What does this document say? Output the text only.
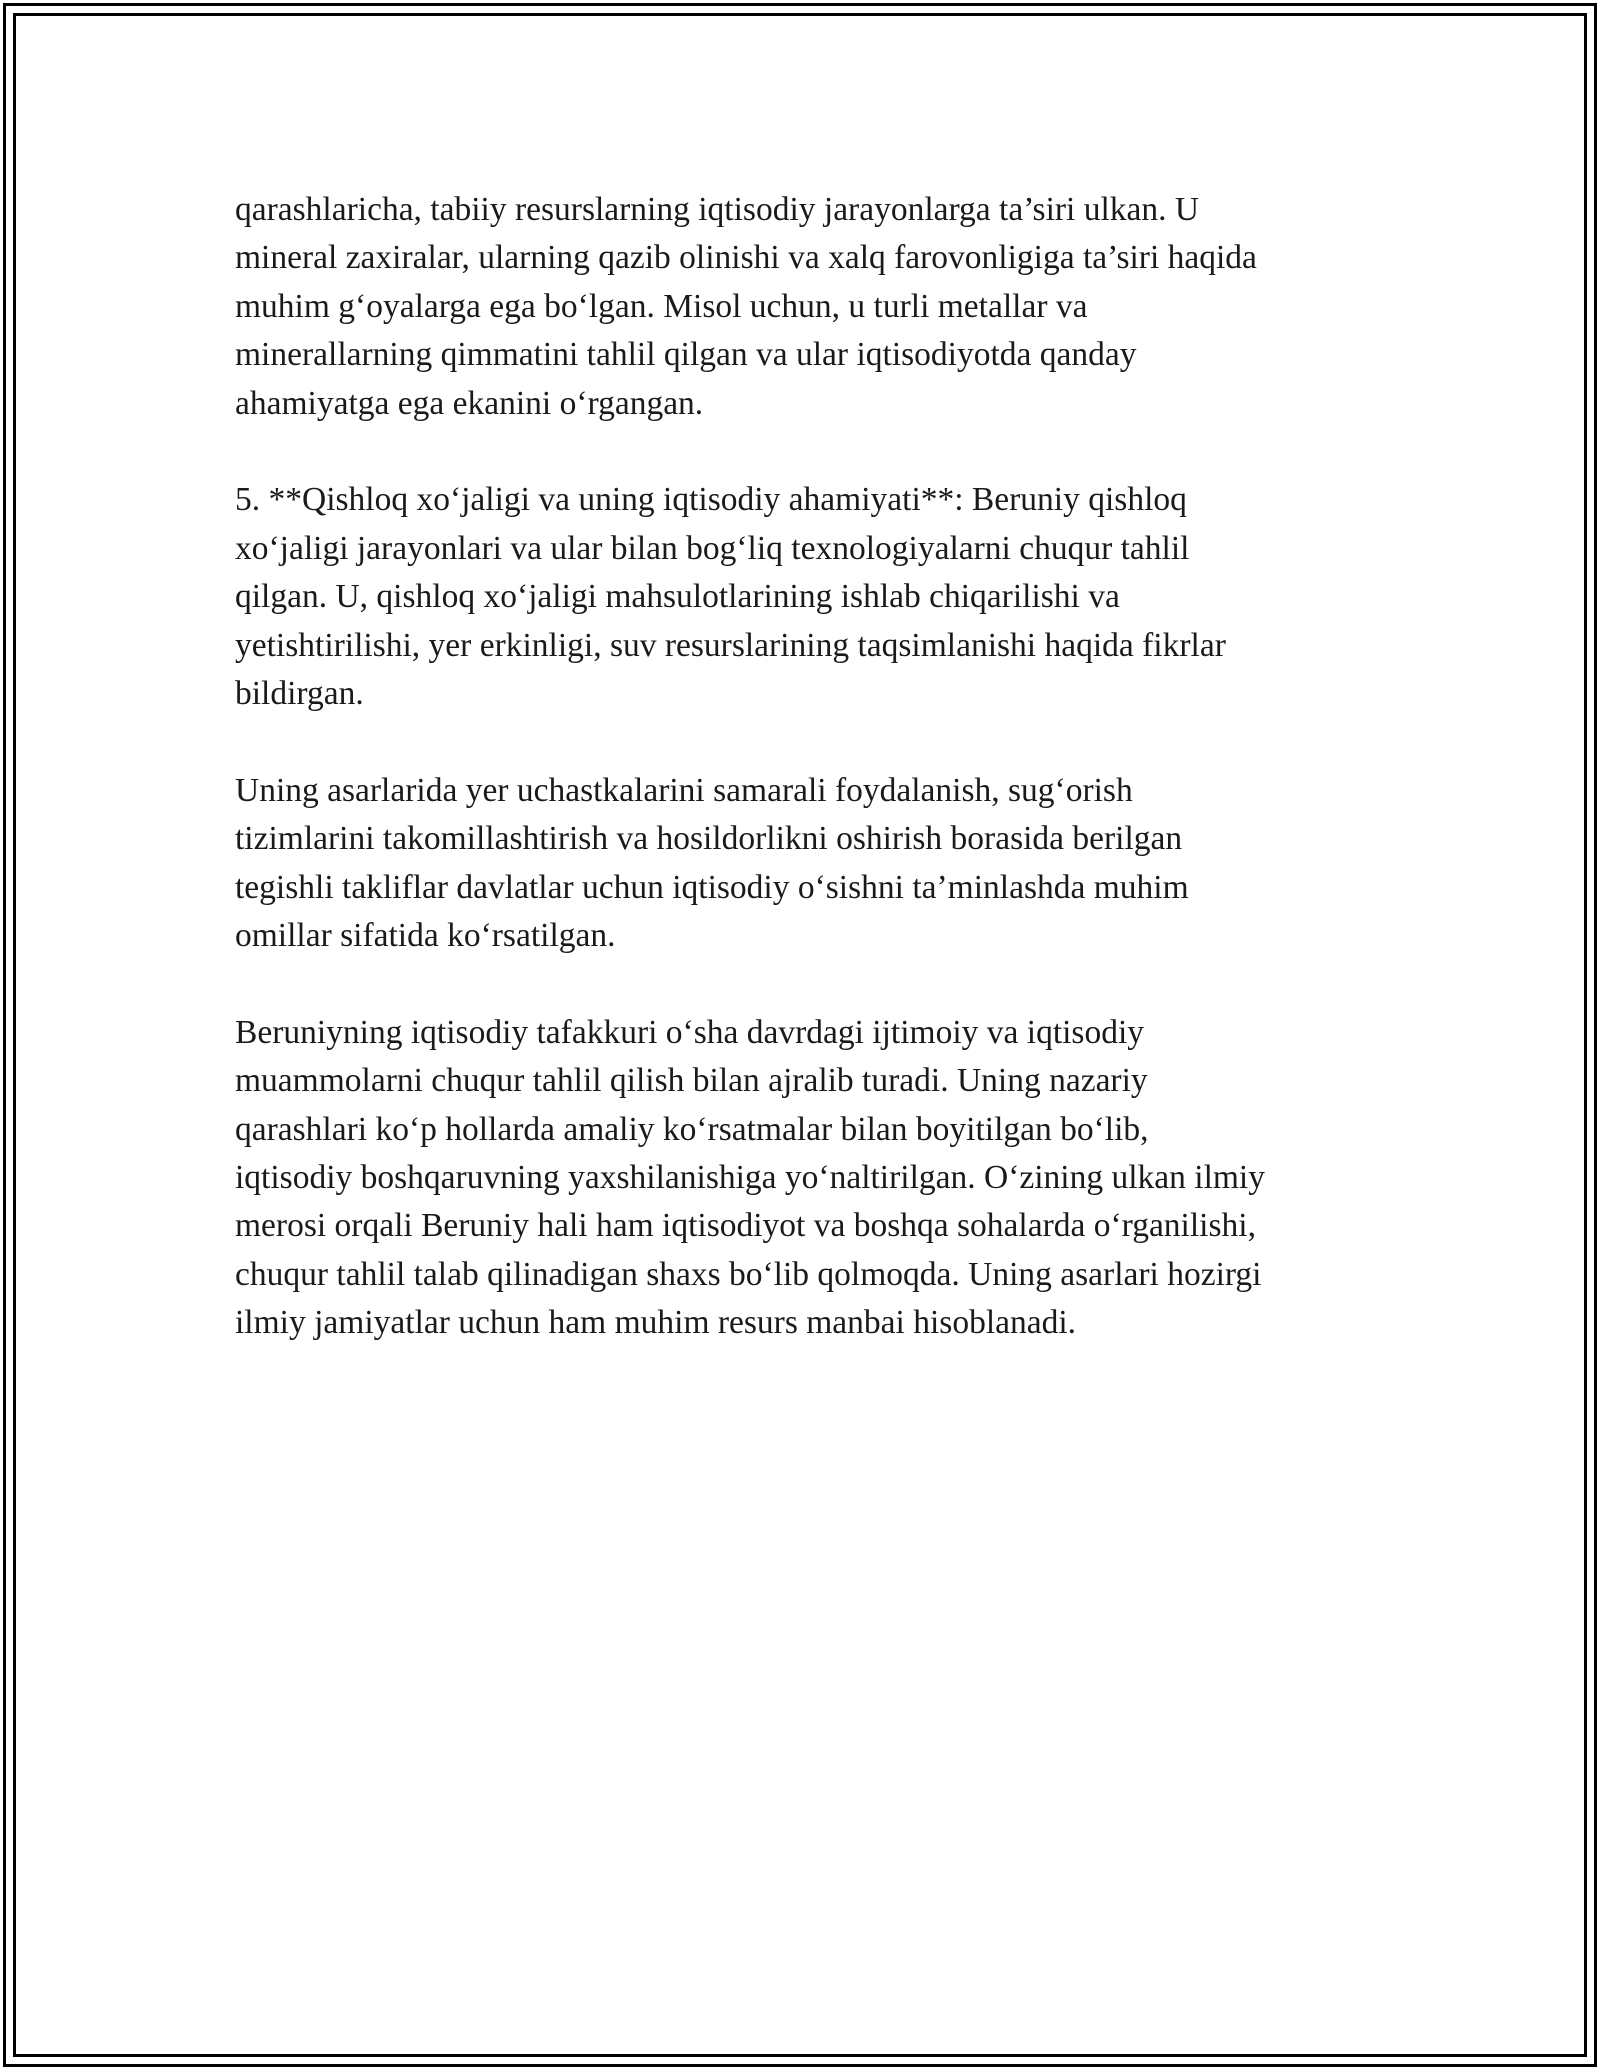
qarashlaricha, tabiiy resurslarning iqtisodiy jarayonlarga ta’siri ulkan. U
mineral zaxiralar, ularning qazib olinishi va xalq farovonligiga ta’siri haqida
muhim g‘oyalarga ega bo‘lgan. Misol uchun, u turli metallar va
minerallarning qimmatini tahlil qilgan va ular iqtisodiyotda qanday
ahamiyatga ega ekanini o‘rgangan.
5. **Qishloq xo‘jaligi va uning iqtisodiy ahamiyati**: Beruniy qishloq
xo‘jaligi jarayonlari va ular bilan bog‘liq texnologiyalarni chuqur tahlil
qilgan. U, qishloq xo‘jaligi mahsulotlarining ishlab chiqarilishi va
yetishtirilishi, yer erkinligi, suv resurslarining taqsimlanishi haqida fikrlar
bildirgan.
Uning asarlarida yer uchastkalarini samarali foydalanish, sug‘orish
tizimlarini takomillashtirish va hosildorlikni oshirish borasida berilgan
tegishli takliflar davlatlar uchun iqtisodiy o‘sishni ta’minlashda muhim
omillar sifatida ko‘rsatilgan.
Beruniyning iqtisodiy tafakkuri o‘sha davrdagi ijtimoiy va iqtisodiy
muammolarni chuqur tahlil qilish bilan ajralib turadi. Uning nazariy
qarashlari ko‘p hollarda amaliy ko‘rsatmalar bilan boyitilgan bo‘lib,
iqtisodiy boshqaruvning yaxshilanishiga yo‘naltirilgan. O‘zining ulkan ilmiy
merosi orqali Beruniy hali ham iqtisodiyot va boshqa sohalarda o‘rganilishi,
chuqur tahlil talab qilinadigan shaxs bo‘lib qolmoqda. Uning asarlari hozirgi
ilmiy jamiyatlar uchun ham muhim resurs manbai hisoblanadi.
